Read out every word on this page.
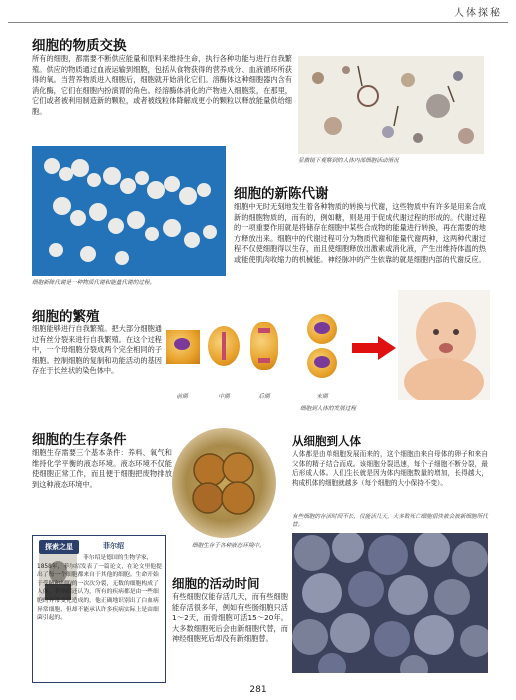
人体探秘
细胞的物质交换

所有的细胞，都需要不断供应能量和原料来维持生命，执行各种功能与进行自我繁殖。供应的物质通过血液运输到细胞，包括从食物获得的营养成分、血液循环所获得的氧。当营养物质进入细胞后，细胞就开始消化它们。溶酶体这种细胞器内含有消化酶，它们在细胞内扮演胃的角色。经溶酶体消化的产物进入细胞浆，在那里，它们或者被利用制造新的颗粒，或者被线粒体降解成更小的颗粒以释放能量供给细胞。

显微镜下观察到的人体内部细胞活动情况

细胞新陈代谢是一种物质代谢和能量代谢的过程。

细胞的新陈代谢

细胞中无时无刻地发生着各种物质的转换与代谢，这些物质中有许多是用来合成新的细胞物质的，而有的，例如糖，则是用于促成代谢过程的形成的。代谢过程的一项重要作用就是将储存在细胞中某些合成物的能量进行转换，再在需要的地方释放出来。细胞中的代谢过程可分为物质代谢和能量代谢两种，这两种代谢过程不仅使细胞得以生存，而且使细胞释放出激素或消化液，产生出维持体温的热或能使肌肉收缩力的机械能。神经脉冲的产生依靠的就是细胞内部的代谢反应。

细胞的繁殖

细胞能够进行自我繁殖。把大部分细胞通过有丝分裂来进行自我繁殖。在这个过程中，一个母细胞分裂成两个完全相同的子细胞。控制细胞的复制和功能活动的基因存在于长丝状的染色体中。

前期	中期	后期	末期

细胞到人体的发展过程

细胞的生存条件

细胞生存需要三个基本条件：养料、氧气和维持化学平衡的液态环境。液态环境不仅能使细胞正常工作，而且便于细胞把废物排放到这种液态环境中。

细胞生存于各种液态环境中。

从细胞到人体

人体都是由单细胞发展而来的，这个细胞由来自母体的卵子和来自父体的精子结合而成。该细胞分裂迅速，每个子细胞不断分裂，最后形成人体。人们生长就是因为体内细胞数量的增加，长得越大，构成机体的细胞就越多（每个细胞的大小保持不变）。

有些细胞的存活时间不长，仅能活几天，大多数死亡细胞很快被会被新细胞所代替。

探索之星	菲尔绍

菲尔绍是德国的生物学家，1858年，菲尔绍发表了一篇论文，在论文里他提出了每一个细胞都来自于其他的细胞。生命开始于受精和细胞的一次次分裂，无数的细胞构成了人体。菲尔绍还认为，所有的疾病都是由一些细胞的异常变化造成的，他正确地识别出了白血病异常细胞，但却不能承认许多疾病实际上是由细菌引起的。

细胞的活动时间

有些细胞仅能存活几天，而有些细胞能存活很多年，例如有些肠细胞只活1～2天，而骨细胞可活15～20年。大多数细胞死后会由新细胞代替，而神经细胞死后却没有新细胞替。

281
